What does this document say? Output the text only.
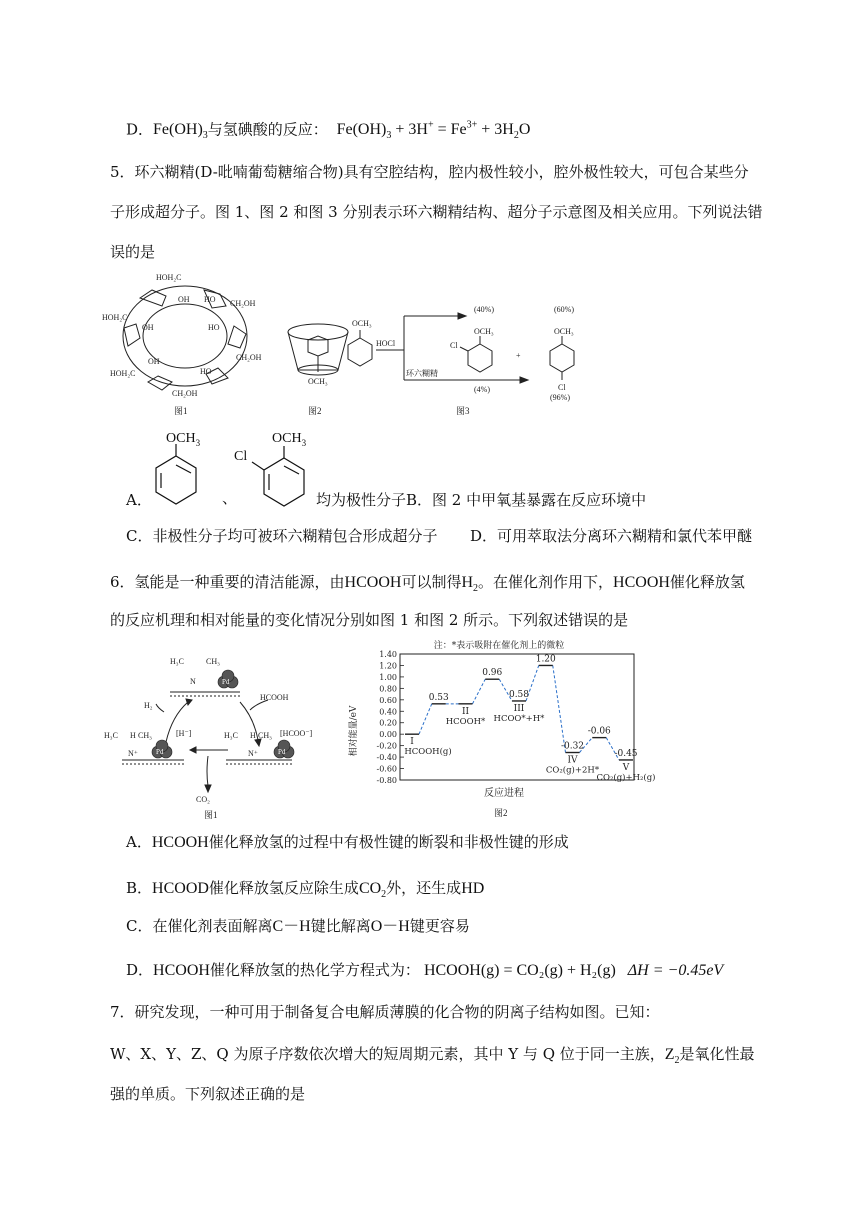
D．$Fe(OH)_3$与氢碘酸的反应： $Fe(OH)_3 + 3H^+ = Fe^{3+} + 3H_2O$
5．环六糊精(D-吡喃葡萄糖缩合物)具有空腔结构，腔内极性较小，腔外极性较大，可包合某些分
子形成超分子。图 1、图 2 和图 3 分别表示环六糊精结构、超分子示意图及相关应用。下列说法错
误的是
HOH₂C
OH HO CH₂OH
HOH₂C
OH	HO
CH₂OH
HOH₂C
OH
HO
CH₂OH
图1
OCH₃
图2
OCH₃
HOCl
环六糊精
(40%)
OCH₃
Cl
+
(60%)
OCH₃
Cl
(4%)
(96%)
图3
A．
$OCH_3$
、
Cl
$OCH_3$
均为极性分子 B．图 2 中甲氧基暴露在反应环境中
C．非极性分子均可被环六糊精包合形成超分子 D．可用萃取法分离环六糊精和氯代苯甲醚
6．氢能是一种重要的清洁能源，由HCOOH可以制得$H_2$。在催化剂作用下，HCOOH催化释放氢
的反应机理和相对能量的变化情况分别如图 1 和图 2 所示。下列叙述错误的是
H₃C	CH₃
N	Pd
H₂
HCOOH
H₃C H CH₃
N⁺
[H⁻]
Pd
H₃C H CH₃
N⁺
[HCOO⁻]
Pd
CO₂
图1
注：*表示吸附在催化剂上的微粒
反应进程
相对能量/eV
图2
1.40
1.20
1.00
0.80
0.60
0.40
0.20
0.00
-0.20
-0.40
-0.60
-0.80
I
HCOOH(g)
0.53
II
HCOOH*
0.96
0.58
III
HCOO*+H*
1.20
-0.32
IV
CO₂(g)+2H*
-0.06
-0.45
V
CO₂(g)+H₂(g)
A．HCOOH催化释放氢的过程中有极性键的断裂和非极性键的形成
B．HCOOD催化释放氢反应除生成$CO_2$外，还生成HD
C．在催化剂表面解离C－H键比解离O－H键更容易
D．HCOOH催化释放氢的热化学方程式为： HCOOH(g) = CO₂(g) + H₂(g) ΔH = −0.45eV
7．研究发现，一种可用于制备复合电解质薄膜的化合物的阴离子结构如图。已知：
W、X、Y、Z、Q 为原子序数依次增大的短周期元素，其中 Y 与 Q 位于同一主族，$Z_2$是氧化性最
强的单质。下列叙述正确的是
